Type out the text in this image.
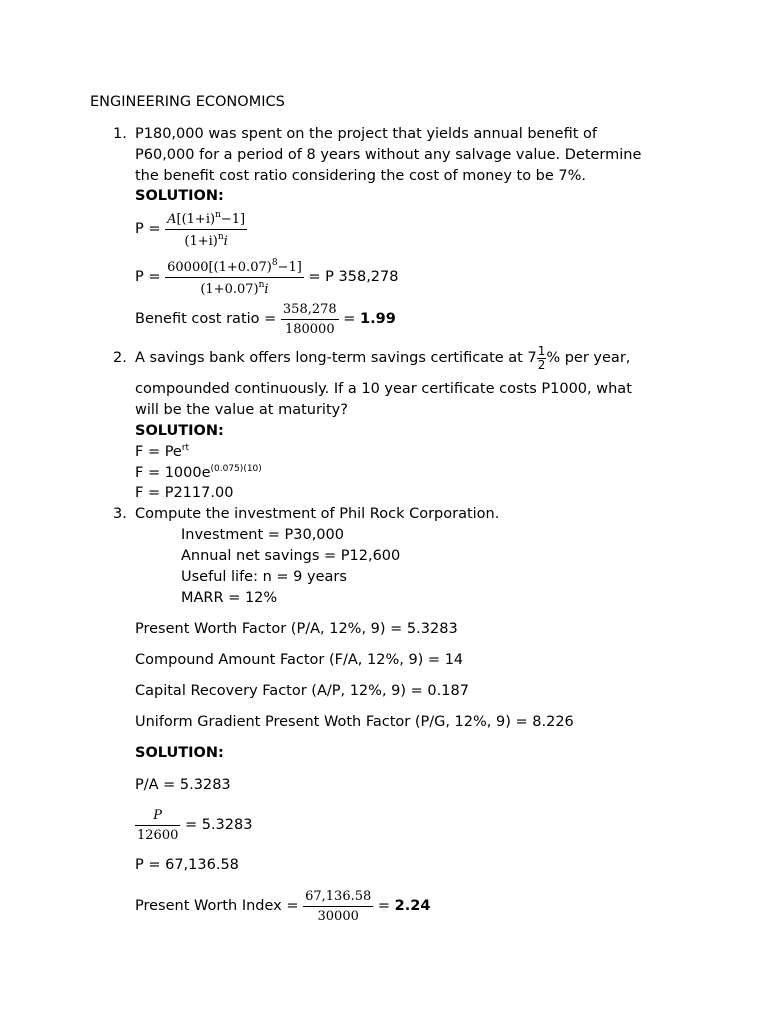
ENGINEERING ECONOMICS
1. P180,000 was spent on the project that yields annual benefit of
P60,000 for a period of 8 years without any salvage value. Determine
the benefit cost ratio considering the cost of money to be 7%.
SOLUTION:
P =
$\frac{A[(1+i)^n-1]}{(1+i)^ni}$
P =
$\frac{60000[(1+0.07)^8-1]}{(1+0.07)^ni}$
= P 358,278
Benefit cost ratio =
$\frac{358,278}{180000}$
=
1.99
2. A savings bank offers long-term savings certificate at $7 \frac{1}{2}$ % per year,
compounded continuously. If a 10 year certificate costs P1000, what
will be the value at maturity?
SOLUTION:
$F = Pe^{rt}$
$F = 1000e^{(0.075)(10)}$
F = P2117.00
3. Compute the investment of Phil Rock Corporation.
Investment = P30,000
Annual net savings = P12,600
Useful life: n = 9 years
MARR = 12%
Present Worth Factor (P/A, 12%, 9) = 5.3283
Compound Amount Factor (F/A, 12%, 9) = 14
Capital Recovery Factor (A/P, 12%, 9) = 0.187
Uniform Gradient Present Woth Factor (P/G, 12%, 9) = 8.226
SOLUTION:
P/A = 5.3283
$\frac{P}{12600}$
= 5.3283
P = 67,136.58
Present Worth Index =
$\frac{67,136.58}{30000}$
=
2.24
